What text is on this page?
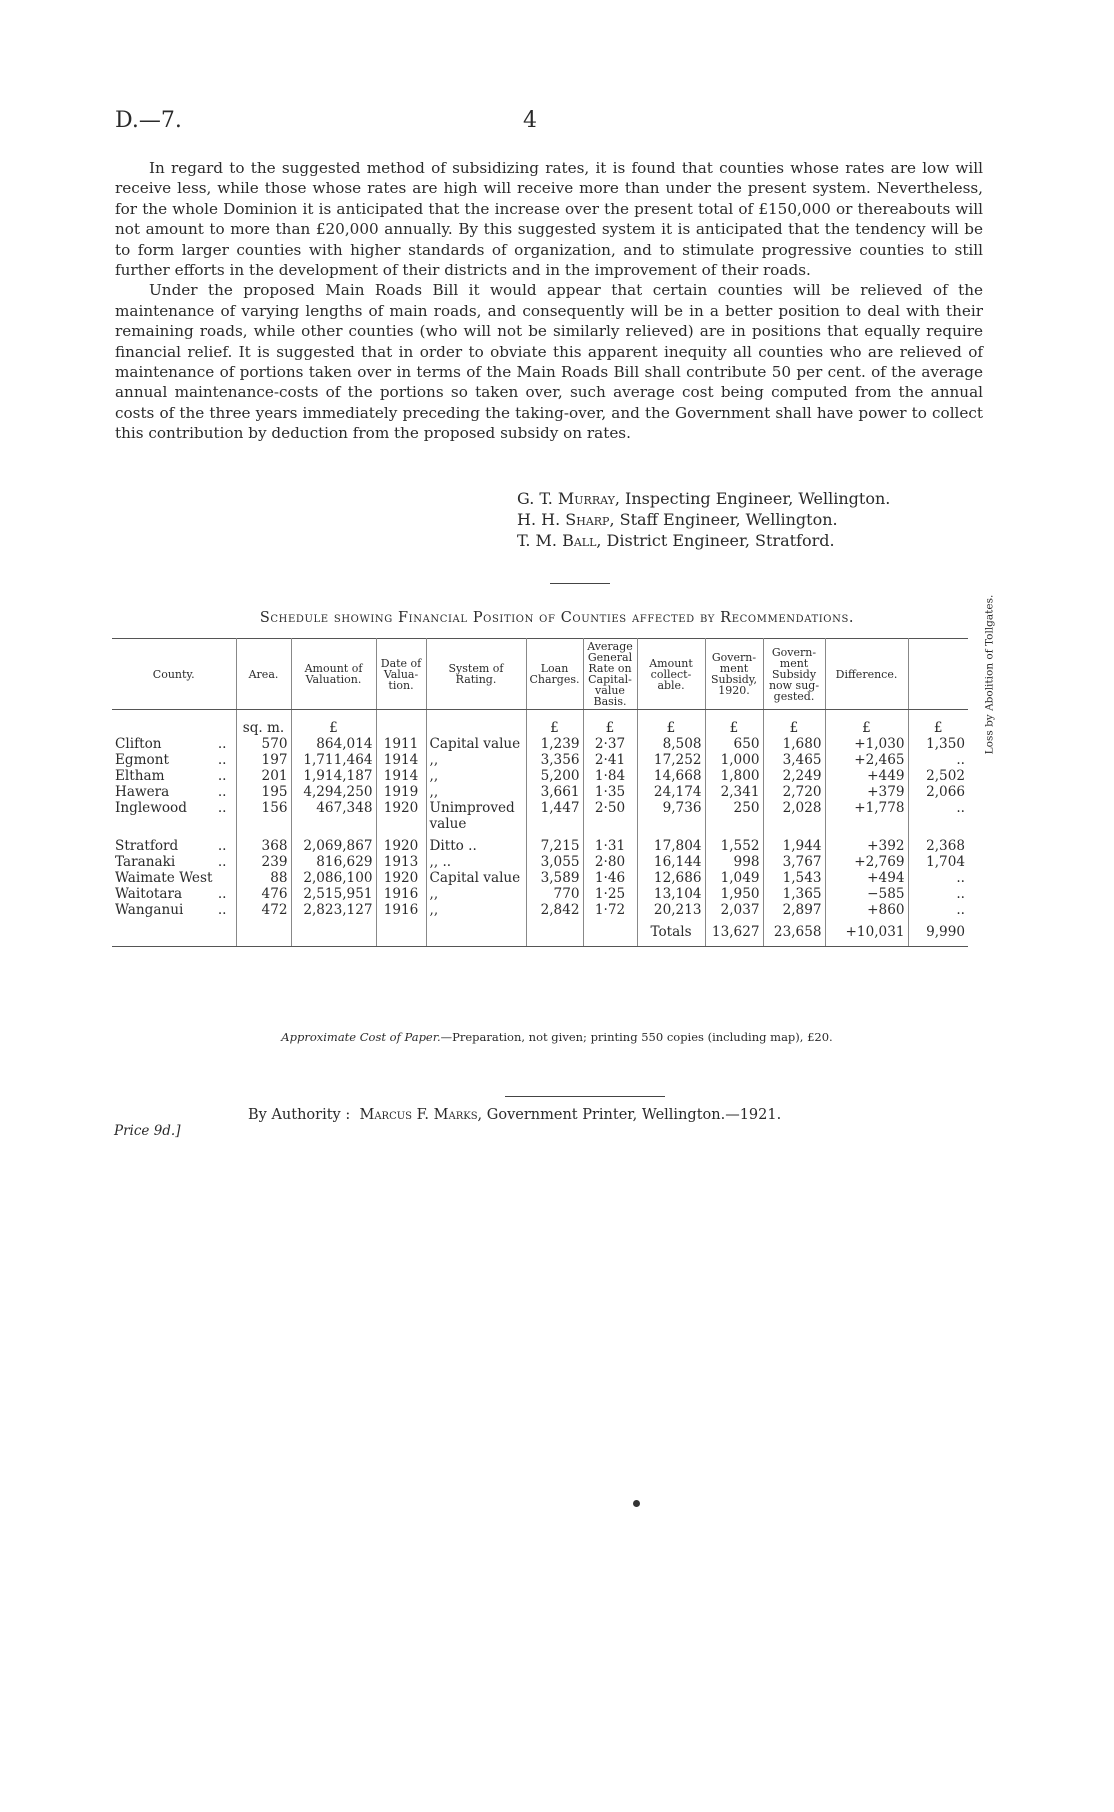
D.—7.	4

In regard to the suggested method of subsidizing rates, it is found that counties whose rates are low will receive less, while those whose rates are high will receive more than under the present system. Nevertheless, for the whole Dominion it is anticipated that the increase over the present total of £150,000 or thereabouts will not amount to more than £20,000 annually. By this suggested system it is anticipated that the tendency will be to form larger counties with higher standards of organization, and to stimulate progressive counties to still further efforts in the development of their districts and in the improvement of their roads.

Under the proposed Main Roads Bill it would appear that certain counties will be relieved of the maintenance of varying lengths of main roads, and consequently will be in a better position to deal with their remaining roads, while other counties (who will not be similarly relieved) are in positions that equally require financial relief. It is suggested that in order to obviate this apparent inequity all counties who are relieved of maintenance of portions taken over in terms of the Main Roads Bill shall contribute 50 per cent. of the average annual maintenance-costs of the portions so taken over, such average cost being computed from the annual costs of the three years immediately preceding the taking-over, and the Government shall have power to collect this contribution by deduction from the proposed subsidy on rates.

G. T. Murray, Inspecting Engineer, Wellington.
H. H. Sharp, Staff Engineer, Wellington.
T. M. Ball, District Engineer, Stratford.
Schedule showing Financial Position of Counties affected by Recommendations.
County.	Area.	Amount of Valuation.	Date of Valua-tion.	System of Rating.	Loan Charges.	Average General Rate on Capital-value Basis.	Amount collect-able.	Govern-ment Subsidy, 1920.	Govern-ment Subsidy now sug-gested.	Difference.	Loss by Abolition of Tollgates.

	sq. m.	£			£	£	£	£	£	£	£
Clifton ..	570	864,014	1911	Capital value	1,239	2·37	8,508	650	1,680	+1,030	1,350
Egmont ..	197	1,711,464	1914	,,	3,356	2·41	17,252	1,000	3,465	+2,465	..
Eltham ..	201	1,914,187	1914	,,	5,200	1·84	14,668	1,800	2,249	+449	2,502
Hawera ..	195	4,294,250	1919	,,	3,661	1·35	24,174	2,341	2,720	+379	2,066
Inglewood ..	156	467,348	1920	Unimproved	1,447	2·50	9,736	250	2,028	+1,778	..

				value							

Stratford ..	368	2,069,867	1920	Ditto ..	7,215	1·31	17,804	1,552	1,944	+392	2,368
Taranaki ..	239	816,629	1913	,, ..	3,055	2·80	16,144	998	3,767	+2,769	1,704
Waimate West	88	2,086,100	1920	Capital value	3,589	1·46	12,686	1,049	1,543	+494	..
Waitotara ..	476	2,515,951	1916	,,	770	1·25	13,104	1,950	1,365	−585	..
Wanganui ..	472	2,823,127	1916	,,	2,842	1·72	20,213	2,037	2,897	+860	..
							Totals	13,627	23,658	+10,031	9,990
Approximate Cost of Paper.—Preparation, not given; printing 550 copies (including map), £20.
Price 9d.]
By Authority : Marcus F. Marks, Government Printer, Wellington.—1921.
